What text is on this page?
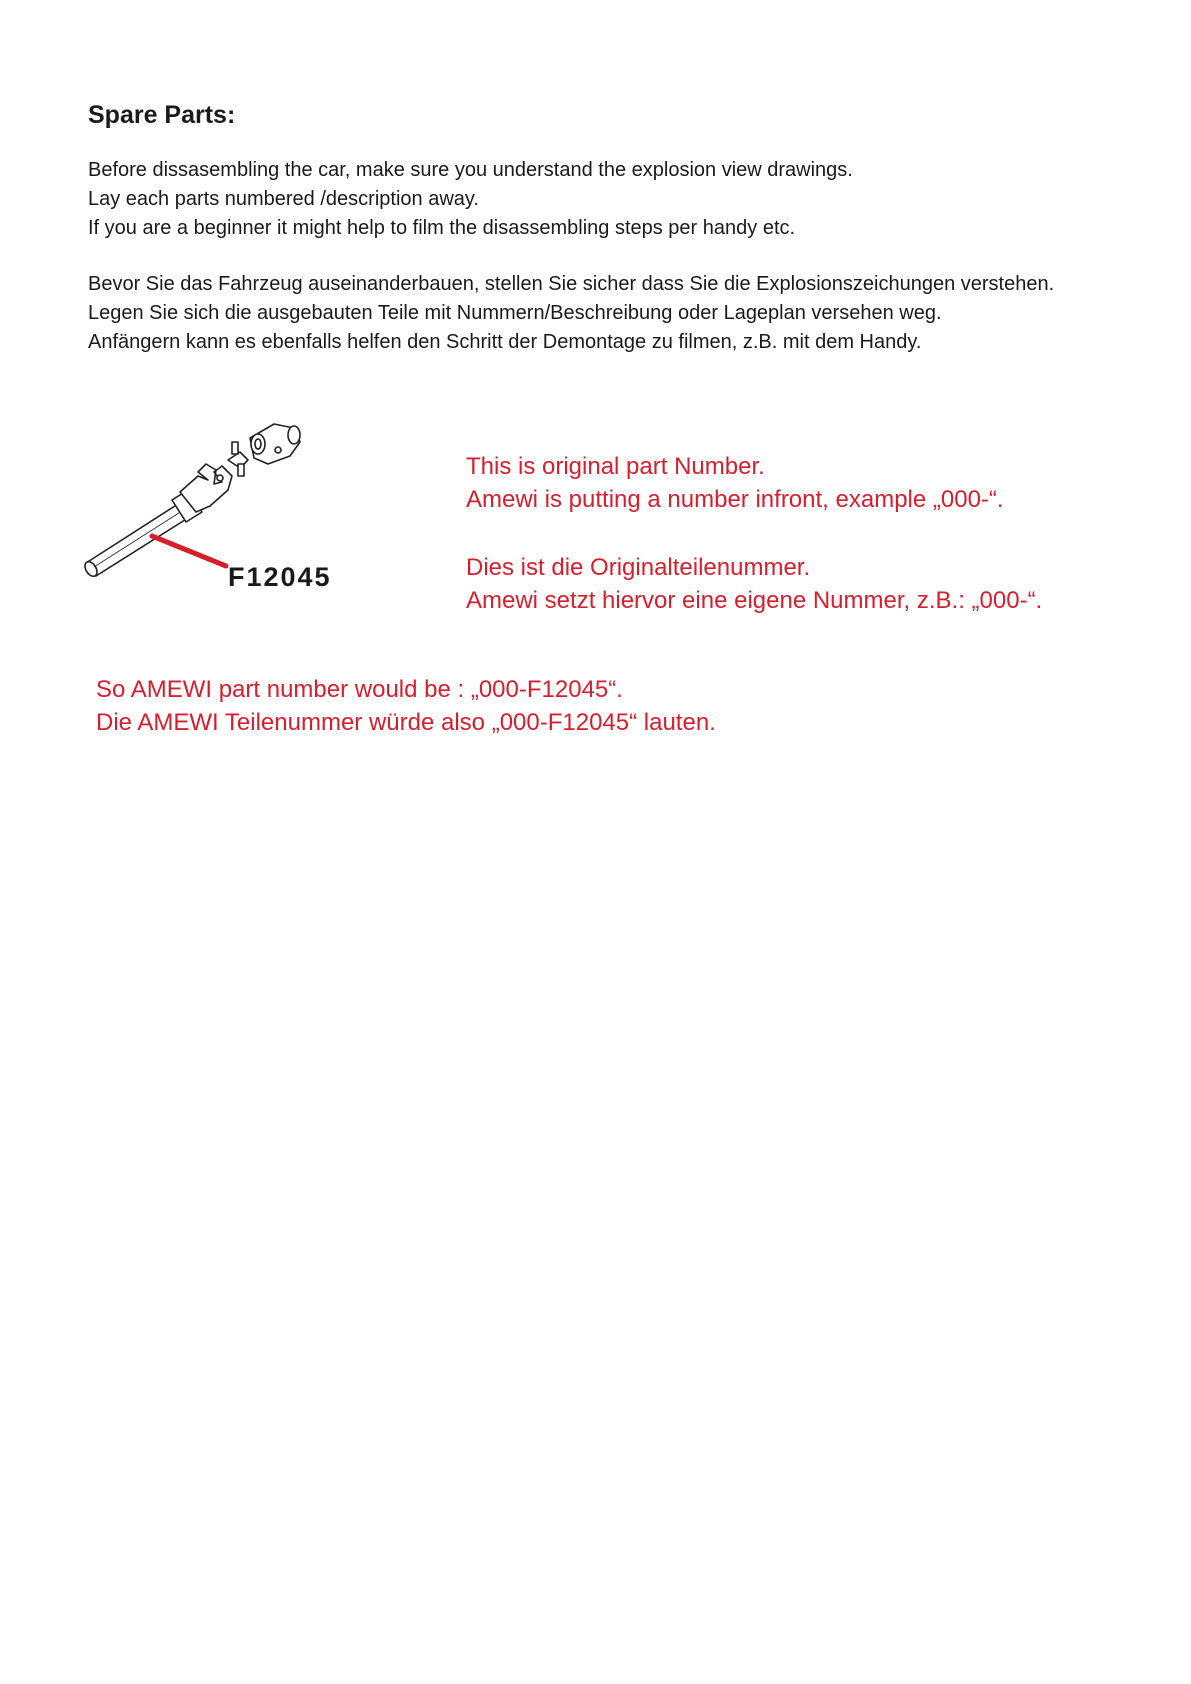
Spare Parts:
Before dissasembling the car, make sure you understand the explosion view drawings.
Lay each parts numbered /description away.
If you are a beginner it might help to film the disassembling steps per handy etc.
Bevor Sie das Fahrzeug auseinanderbauen, stellen Sie sicher dass Sie die Explosionszeichungen verstehen.
Legen Sie sich die ausgebauten Teile mit Nummern/Beschreibung oder Lageplan versehen weg.
Anfängern kann es ebenfalls helfen den Schritt der Demontage zu filmen, z.B. mit dem Handy.
F12045
This is original part Number.
Amewi is putting a number infront, example „000-“.
Dies ist die Originalteilenummer.
Amewi setzt hiervor eine eigene Nummer, z.B.: „000-“.
So AMEWI part number would be : „000-F12045“.
Die AMEWI Teilenummer würde also „000-F12045“ lauten.
